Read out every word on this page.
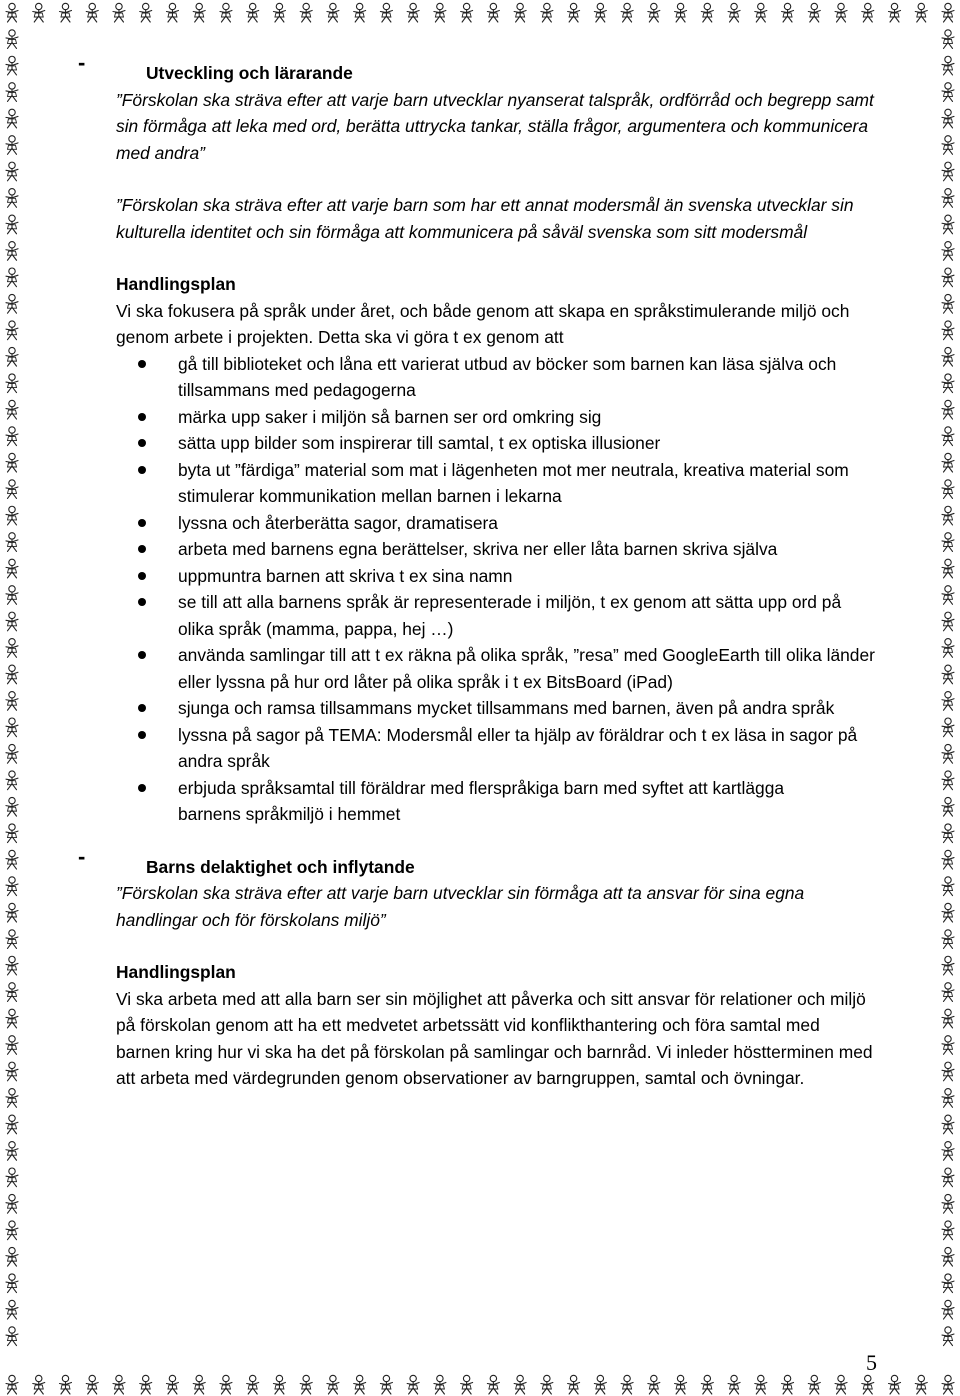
-	Utveckling och lärarande

”Förskolan ska sträva efter att varje barn utvecklar nyanserat talspråk, ordförråd och begrepp samt sin förmåga att leka med ord, berätta uttrycka tankar, ställa frågor, argumentera och kommunicera med andra”

”Förskolan ska sträva efter att varje barn som har ett annat modersmål än svenska utvecklar sin kulturella identitet och sin förmåga att kommunicera på såväl svenska som sitt modersmål

Handlingsplan

Vi ska fokusera på språk under året, och både genom att skapa en språkstimulerande miljö och genom arbete i projekten. Detta ska vi göra t ex genom att

gå till biblioteket och låna ett varierat utbud av böcker som barnen kan läsa själva och tillsammans med pedagogerna
märka upp saker i miljön så barnen ser ord omkring sig
sätta upp bilder som inspirerar till samtal, t ex optiska illusioner
byta ut ”färdiga” material som mat i lägenheten mot mer neutrala, kreativa material som stimulerar kommunikation mellan barnen i lekarna
lyssna och återberätta sagor, dramatisera
arbeta med barnens egna berättelser, skriva ner eller låta barnen skriva själva
uppmuntra barnen att skriva t ex sina namn
se till att alla barnens språk är representerade i miljön, t ex genom att sätta upp ord på olika språk (mamma, pappa, hej …)
använda samlingar till att t ex räkna på olika språk, ”resa” med GoogleEarth till olika länder eller lyssna på hur ord låter på olika språk i t ex BitsBoard (iPad)
sjunga och ramsa tillsammans mycket tillsammans med barnen, även på andra språk
lyssna på sagor på TEMA: Modersmål eller ta hjälp av föräldrar och t ex läsa in sagor på andra språk
erbjuda språksamtal till föräldrar med flerspråkiga barn med syftet att kartlägga

barnens språkmiljö i hemmet

-	Barns delaktighet och inflytande

”Förskolan ska sträva efter att varje barn utvecklar sin förmåga att ta ansvar för sina egna handlingar och för förskolans miljö”

Handlingsplan

Vi ska arbeta med att alla barn ser sin möjlighet att påverka och sitt ansvar för relationer och miljö på förskolan genom att ha ett medvetet arbetssätt vid konflikthantering och föra samtal med barnen kring hur vi ska ha det på förskolan på samlingar och barnråd. Vi inleder höstterminen med att arbeta med värdegrunden genom observationer av barngruppen, samtal och övningar.

5
